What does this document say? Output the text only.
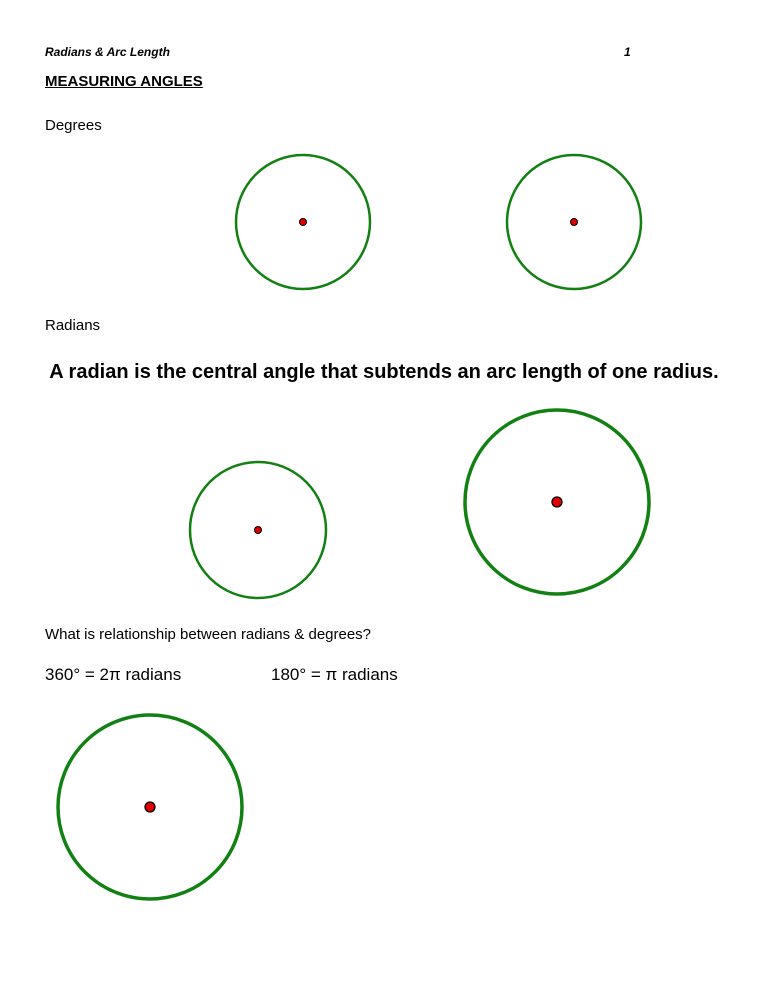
Radians & Arc Length	1
MEASURING ANGLES
Degrees
Radians
A radian is the central angle that subtends an arc length of one radius.
What is relationship between radians & degrees?
360° = 2π radians	180° = π radians
